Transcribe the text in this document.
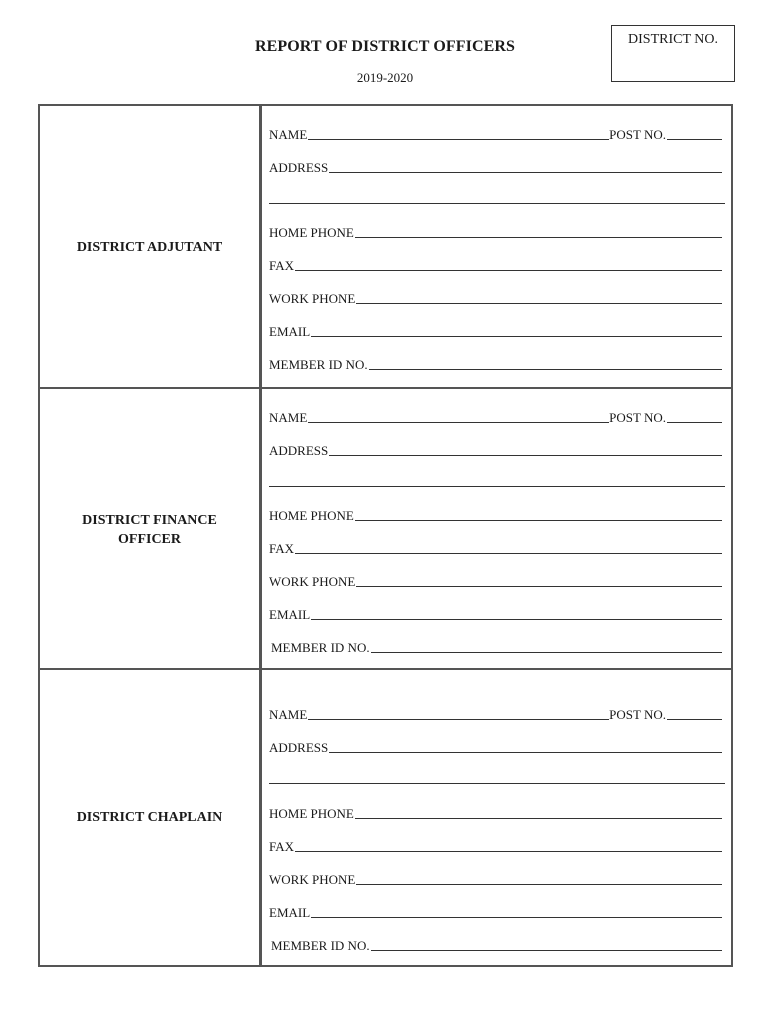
REPORT OF DISTRICT OFFICERS
2019-2020
DISTRICT NO.
DISTRICT ADJUTANT
NAME	POST NO.
ADDRESS
HOME PHONE
FAX
WORK PHONE
EMAIL
MEMBER ID NO.
DISTRICT FINANCE
OFFICER
NAME	POST NO.
ADDRESS
HOME PHONE
FAX
WORK PHONE
EMAIL
MEMBER ID NO.
DISTRICT CHAPLAIN
NAME	POST NO.
ADDRESS
HOME PHONE
FAX
WORK PHONE
EMAIL
MEMBER ID NO.
